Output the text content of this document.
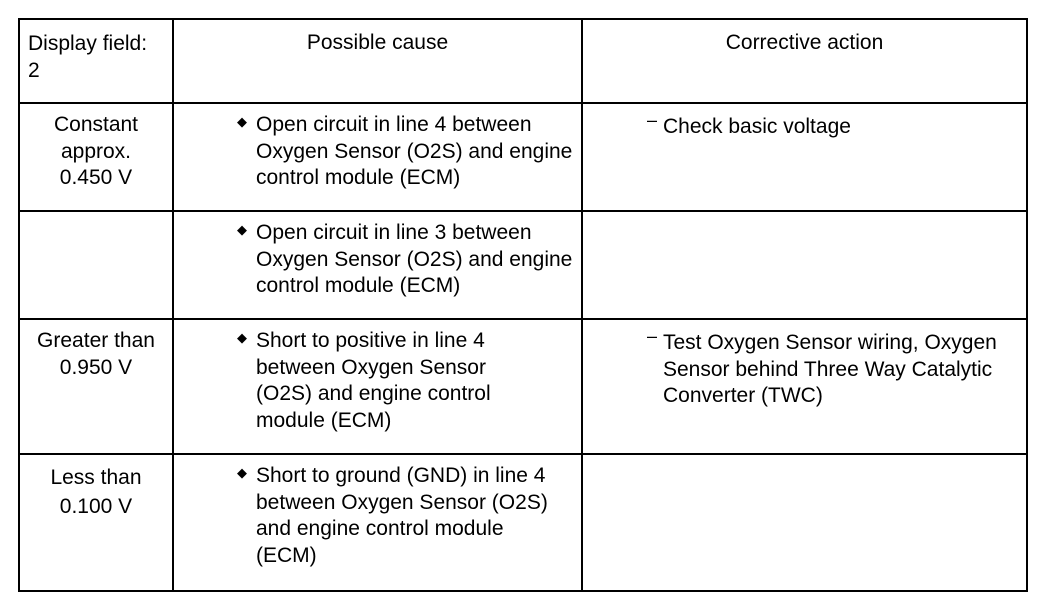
Display field: 2	Possible cause	Corrective action
Constant approx. 0.450 V	◆ Open circuit in line 4 between Oxygen Sensor (O2S) and engine control module (ECM)	– Check basic voltage

	◆ Open circuit in line 3 between Oxygen Sensor (O2S) and engine control module (ECM)	
Greater than 0.950 V	◆ Short to positive in line 4 between Oxygen Sensor (O2S) and engine control module (ECM)	– Test Oxygen Sensor wiring, Oxygen Sensor behind Three Way Catalytic Converter (TWC)

Less than 0.100 V	◆ Short to ground (GND) in line 4 between Oxygen Sensor (O2S) and engine control module (ECM)	
